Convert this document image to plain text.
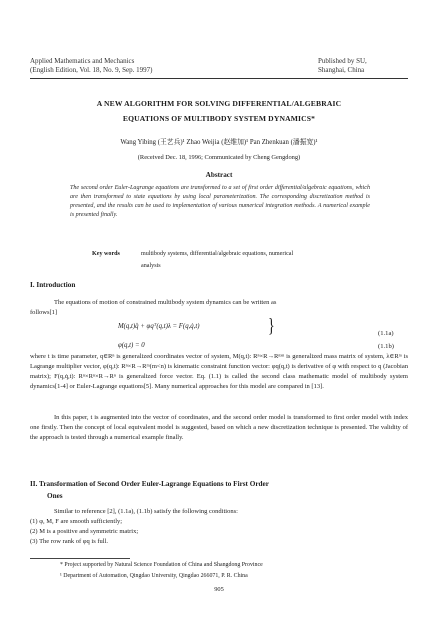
Applied Mathematics and Mechanics
(English Edition, Vol. 18, No. 9, Sep. 1997)
Published by SU,
Shanghai, China
A NEW ALGORITHM FOR SOLVING DIFFERENTIAL/ALGEBRAIC
EQUATIONS OF MULTIBODY SYSTEM DYNAMICS*
Wang Yibing (王艺兵)¹ Zhao Weijia (赵维加)¹ Pan Zhenkuan (潘振宽)¹
(Received Dec. 18, 1996; Communicated by Cheng Gengdong)
Abstract
The second order Euler-Lagrange equations are transformed to a set of first order differential/algebraic equations, which are then transformed to state equations by using local parameterization. The corresponding discretization method is presented, and the results can be used to implementation of various numerical integration methods. A numerical example is presented finally.
Key words	multibody systems, differential/algebraic equations, numerical
analysis
I. Introduction

The equations of motion of constrained multibody system dynamics can be written as

follows[1]

M(q,t)q̈ + φqᵀ(q,t)λ = F(q,q̇,t)
(1.1a)
}
φ(q,t) = 0	(1.1b)

where t is time parameter, q∈Rⁿ is generalized coordinates vector of system, M(q,t): Rⁿ×R→Rⁿˣⁿ is generalized mass matrix of system, λ∈Rᵐ is Lagrange multiplier vector, φ(q,t): Rⁿ×R→Rᵐ(m<n) is kinematic constraint function vector: φq(q,t) is derivative of φ with respect to q (Jacobian matrix); F(q,q̇,t): Rⁿ×Rⁿ×R→Rⁿ is generalized force vector. Eq. (1.1) is called the second class mathematic model of multibody system dynamics[1-4] or Euler-Lagrange equations[5]. Many numerical approaches for this model are compared in [13].

In this paper, t is augmented into the vector of coordinates, and the second order model is transformed to first order model with index one firstly. Then the concept of local equivalent model is suggested, based on which a new discretization technique is presented. The validity of the approach is tested through a numerical example finally.

II. Transformation of Second Order Euler-Lagrange Equations to First Order
Ones

Similar to reference [2], (1.1a), (1.1b) satisfy the following conditions:

(1) φ, M, F are smooth sufficiently;

(2) M is a positive and symmetric matrix;

(3) The row rank of φq is full.

* Project supported by Natural Science Foundation of China and Shangdong Province
¹ Department of Automation, Qingdao University, Qingdao 266071, P. R. China
905
